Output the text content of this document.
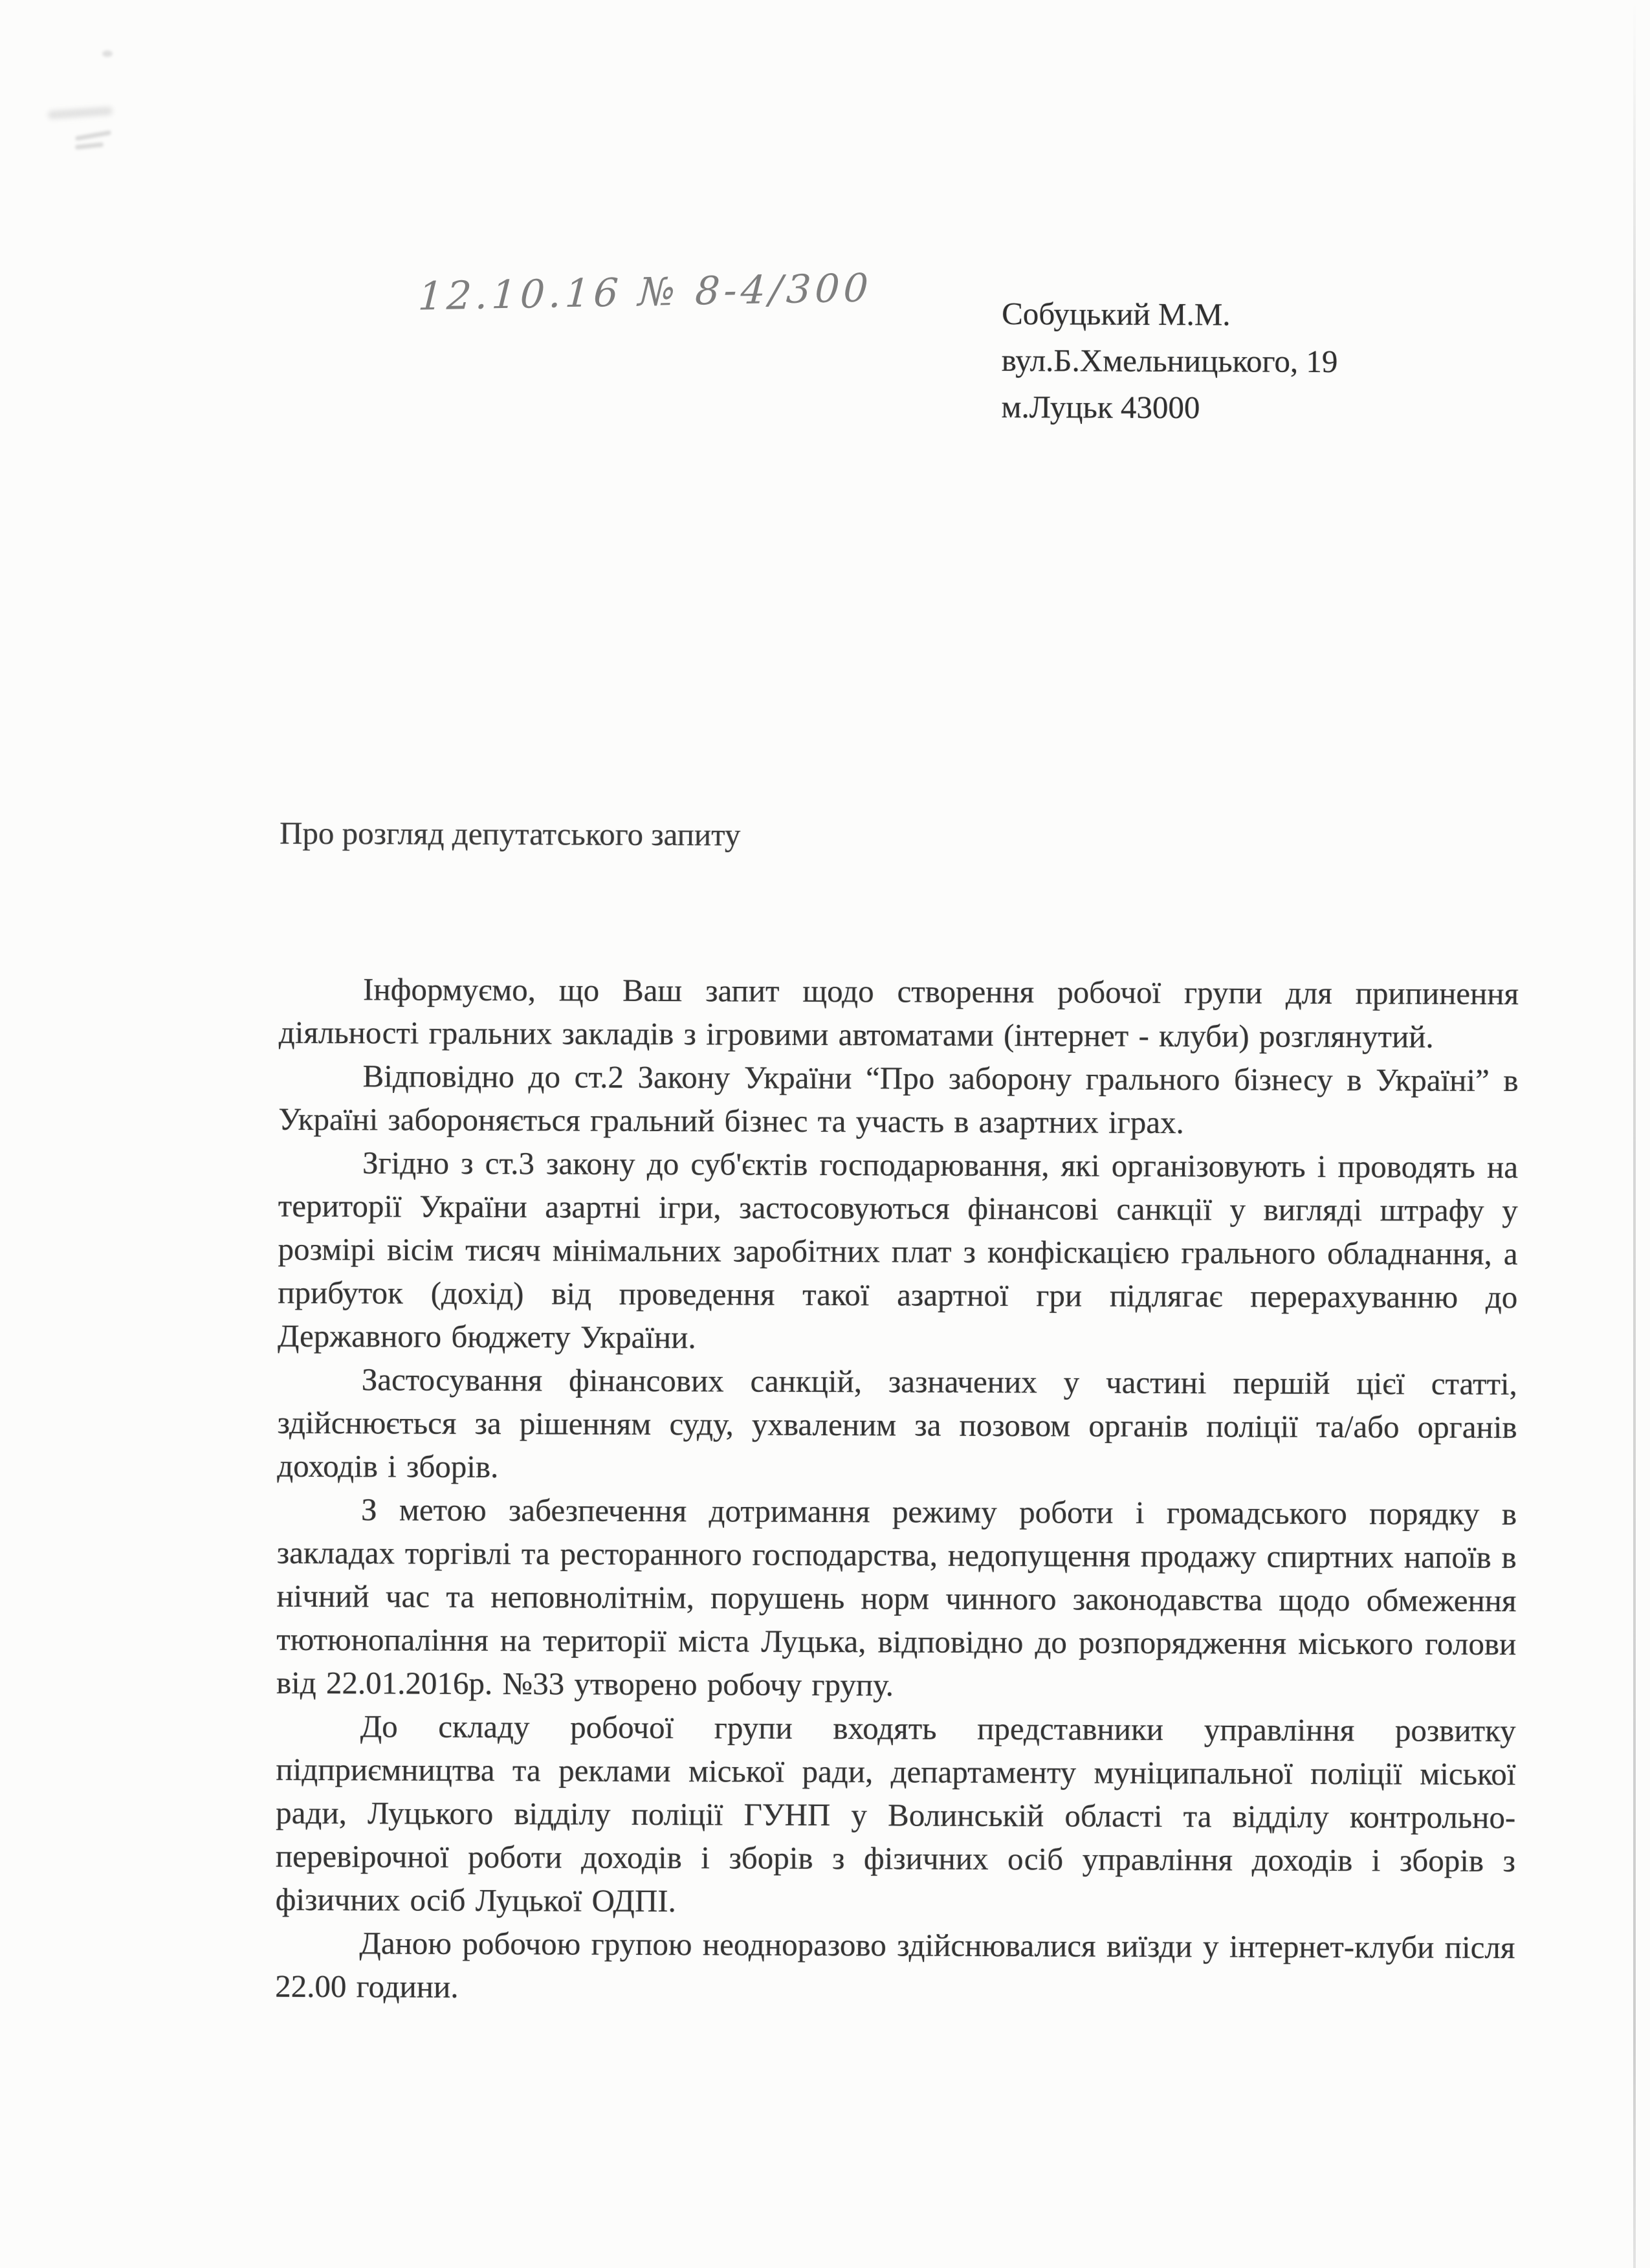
12.10.16 № 8-4/300	Собуцький М.М.
вул.Б.Хмельницького, 19
м.Луцьк 43000
Про розгляд депутатського запиту

Інформуємо, що Ваш запит щодо створення робочої групи для припинення діяльності гральних закладів з ігровими автоматами (інтернет - клуби) розглянутий.

Відповідно до ст.2 Закону України “Про заборону грального бізнесу в Україні” в Україні забороняється гральний бізнес та участь в азартних іграх.

Згідно з ст.3 закону до суб'єктів господарювання, які організовують і проводять на території України азартні ігри, застосовуються фінансові санкції у вигляді штрафу у розмірі вісім тисяч мінімальних заробітних плат з конфіскацією грального обладнання, а прибуток (дохід) від проведення такої азартної гри підлягає перерахуванню до Державного бюджету України.

Застосування фінансових санкцій, зазначених у частині першій цієї статті, здійснюється за рішенням суду, ухваленим за позовом органів поліції та/або органів доходів і зборів.

З метою забезпечення дотримання режиму роботи і громадського порядку в закладах торгівлі та ресторанного господарства, недопущення продажу спиртних напоїв в нічний час та неповнолітнім, порушень норм чинного законодавства щодо обмеження тютюнопаління на території міста Луцька, відповідно до розпорядження міського голови від 22.01.2016р. №33 утворено робочу групу.

До складу робочої групи входять представники управління розвитку підприємництва та реклами міської ради, департаменту муніципальної поліції міської ради, Луцького відділу поліції ГУНП у Волинській області та відділу контрольно-перевірочної роботи доходів і зборів з фізичних осіб управління доходів і зборів з фізичних осіб Луцької ОДПІ.

Даною робочою групою неодноразово здійснювалися виїзди у інтернет-клуби після 22.00 години.
